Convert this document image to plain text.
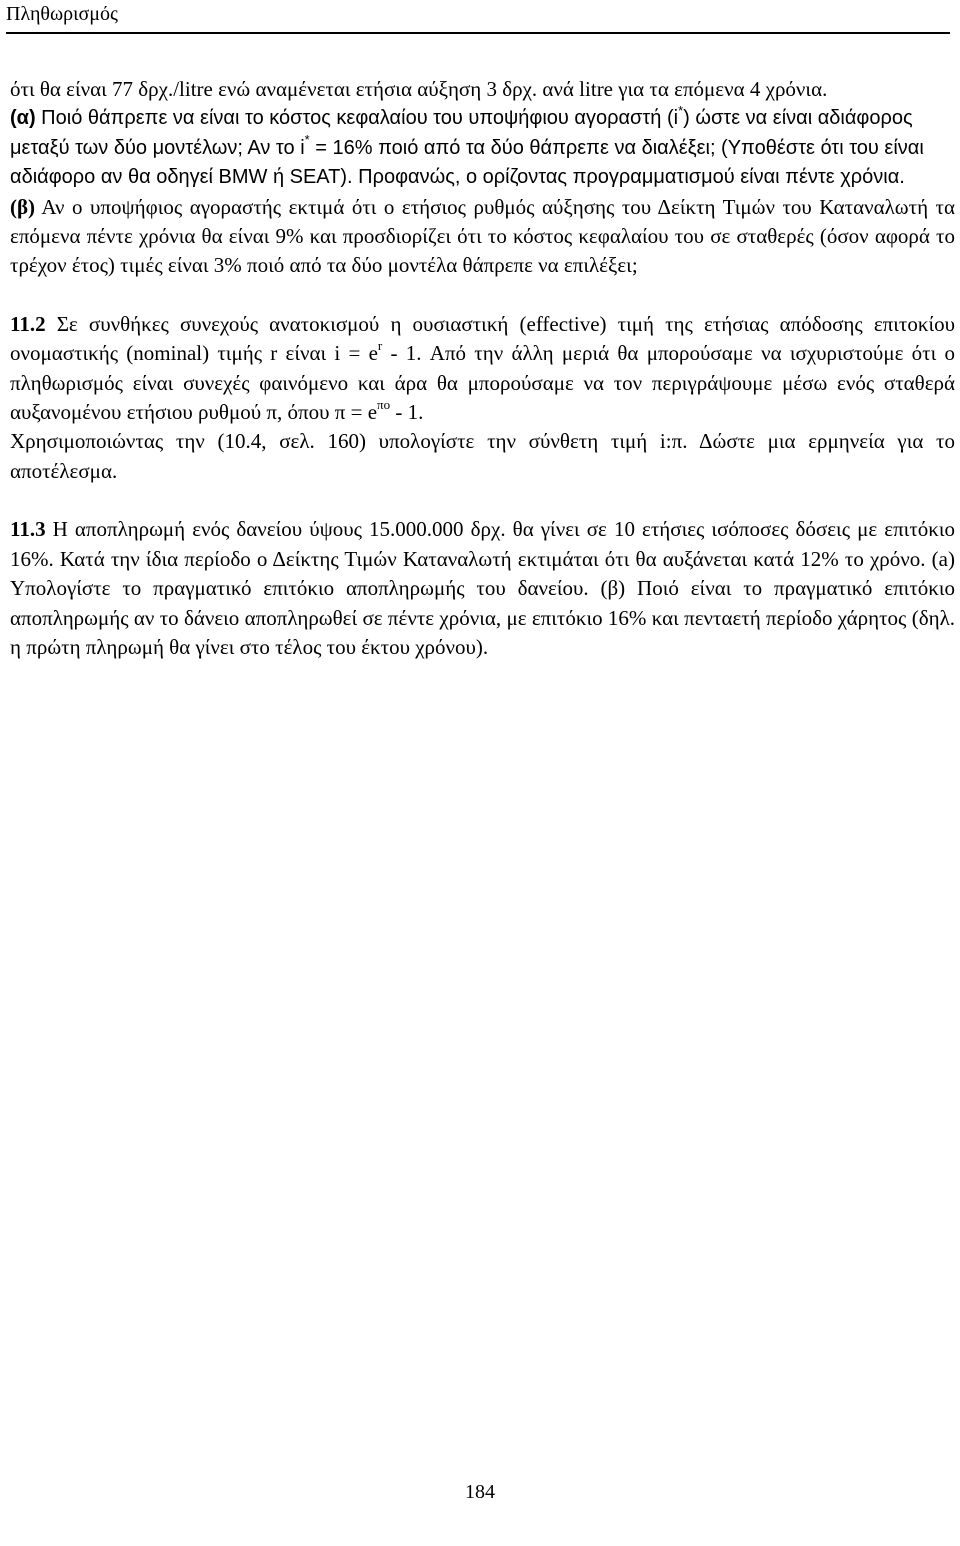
Πληθωρισμός

ότι θα είναι 77 δρχ./litre ενώ αναμένεται ετήσια αύξηση 3 δρχ. ανά litre για τα επόμενα 4 χρόνια.

(α) Ποιό θάπρεπε να είναι το κόστος κεφαλαίου του υποψήφιου αγοραστή (i*) ώστε να είναι αδιάφορος μεταξύ των δύο μοντέλων; Αν το i* = 16% ποιό από τα δύο θάπρεπε να διαλέξει; (Υποθέστε ότι του είναι αδιάφορο αν θα οδηγεί BMW ή SEAT). Προφανώς, ο ορίζοντας προγραμματισμού είναι πέντε χρόνια.

(β) Αν ο υποψήφιος αγοραστής εκτιμά ότι ο ετήσιος ρυθμός αύξησης του Δείκτη Τιμών του Καταναλωτή τα επόμενα πέντε χρόνια θα είναι 9% και προσδιορίζει ότι το κόστος κεφαλαίου του σε σταθερές (όσον αφορά το τρέχον έτος) τιμές είναι 3% ποιό από τα δύο μοντέλα θάπρεπε να επιλέξει;

11.2 Σε συνθήκες συνεχούς ανατοκισμού η ουσιαστική (effective) τιμή της ετήσιας απόδοσης επιτοκίου ονομαστικής (nominal) τιμής r είναι $i = e^r - 1$. Από την άλλη μεριά θα μπορούσαμε να ισχυριστούμε ότι ο πληθωρισμός είναι συνεχές φαινόμενο και άρα θα μπορούσαμε να τον περιγράψουμε μέσω ενός σταθερά αυξανομένου ετήσιου ρυθμού π, όπου $\pi = e^{\pi o} - 1$.

Χρησιμοποιώντας την (10.4, σελ. 160) υπολογίστε την σύνθετη τιμή i:π. Δώστε μια ερμηνεία για το αποτέλεσμα.

11.3 Η αποπληρωμή ενός δανείου ύψους 15.000.000 δρχ. θα γίνει σε 10 ετήσιες ισόποσες δόσεις με επιτόκιο 16%. Κατά την ίδια περίοδο ο Δείκτης Τιμών Καταναλωτή εκτιμάται ότι θα αυξάνεται κατά 12% το χρόνο. (a) Υπολογίστε το πραγματικό επιτόκιο αποπληρωμής του δανείου. (β) Ποιό είναι το πραγματικό επιτόκιο αποπληρωμής αν το δάνειο αποπληρωθεί σε πέντε χρόνια, με επιτόκιο 16% και πενταετή περίοδο χάρητος (δηλ. η πρώτη πληρωμή θα γίνει στο τέλος του έκτου χρόνου).

184
